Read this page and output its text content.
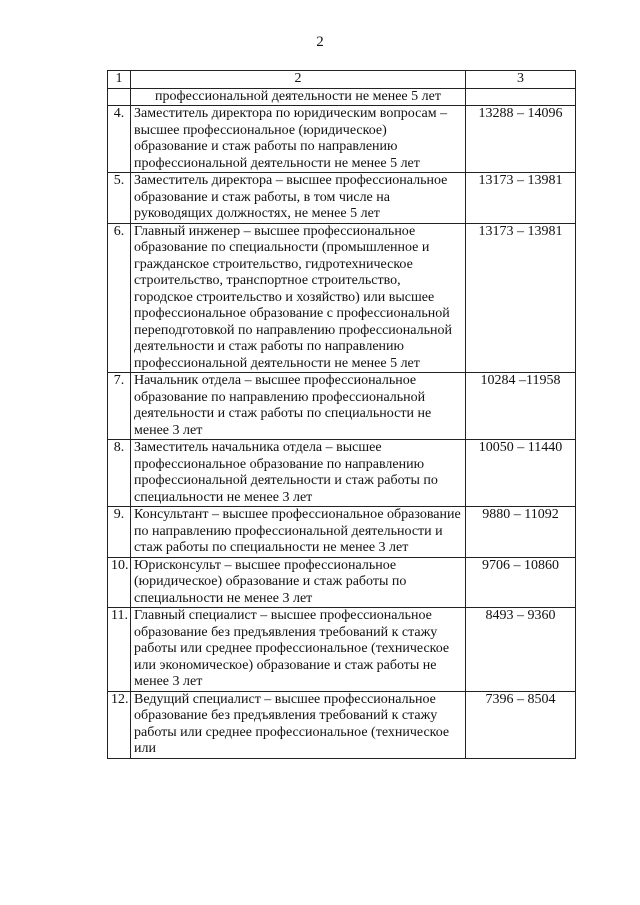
2
1	2	3
	профессиональной деятельности не менее 5 лет	
4.	Заместитель директора по юридическим вопросам – высшее профессиональное (юридическое) образование и стаж работы по направлению профессиональной деятельности не менее 5 лет	13288 – 14096
5.	Заместитель директора – высшее профессиональное образование и стаж работы, в том числе на руководящих должностях, не менее 5 лет	13173 – 13981
6.	Главный инженер – высшее профессиональное образование по специальности (промышленное и гражданское строительство, гидротехническое строительство, транспортное строительство, городское строительство и хозяйство) или высшее профессиональное образование с профессиональной переподготовкой по направлению профессиональной деятельности и стаж работы по направлению профессиональной деятельности не менее 5 лет	13173 – 13981
7.	Начальник отдела – высшее профессиональное образование по направлению профессиональной деятельности и стаж работы по специальности не менее 3 лет	10284 –11958
8.	Заместитель начальника отдела – высшее профессиональное образование по направлению профессиональной деятельности и стаж работы по специальности не менее 3 лет	10050 – 11440
9.	Консультант – высшее профессиональное образование по направлению профессиональной деятельности и стаж работы по специальности не менее 3 лет	9880 – 11092
10.	Юрисконсульт – высшее профессиональное (юридическое) образование и стаж работы по специальности не менее 3 лет	9706 – 10860
11.	Главный специалист – высшее профессиональное образование без предъявления требований к стажу работы или среднее профессиональное (техническое или экономическое) образование и стаж работы не менее 3 лет	8493 – 9360
12.	Ведущий специалист – высшее профессиональное образование без предъявления требований к стажу работы или среднее профессиональное (техническое или	7396 – 8504
